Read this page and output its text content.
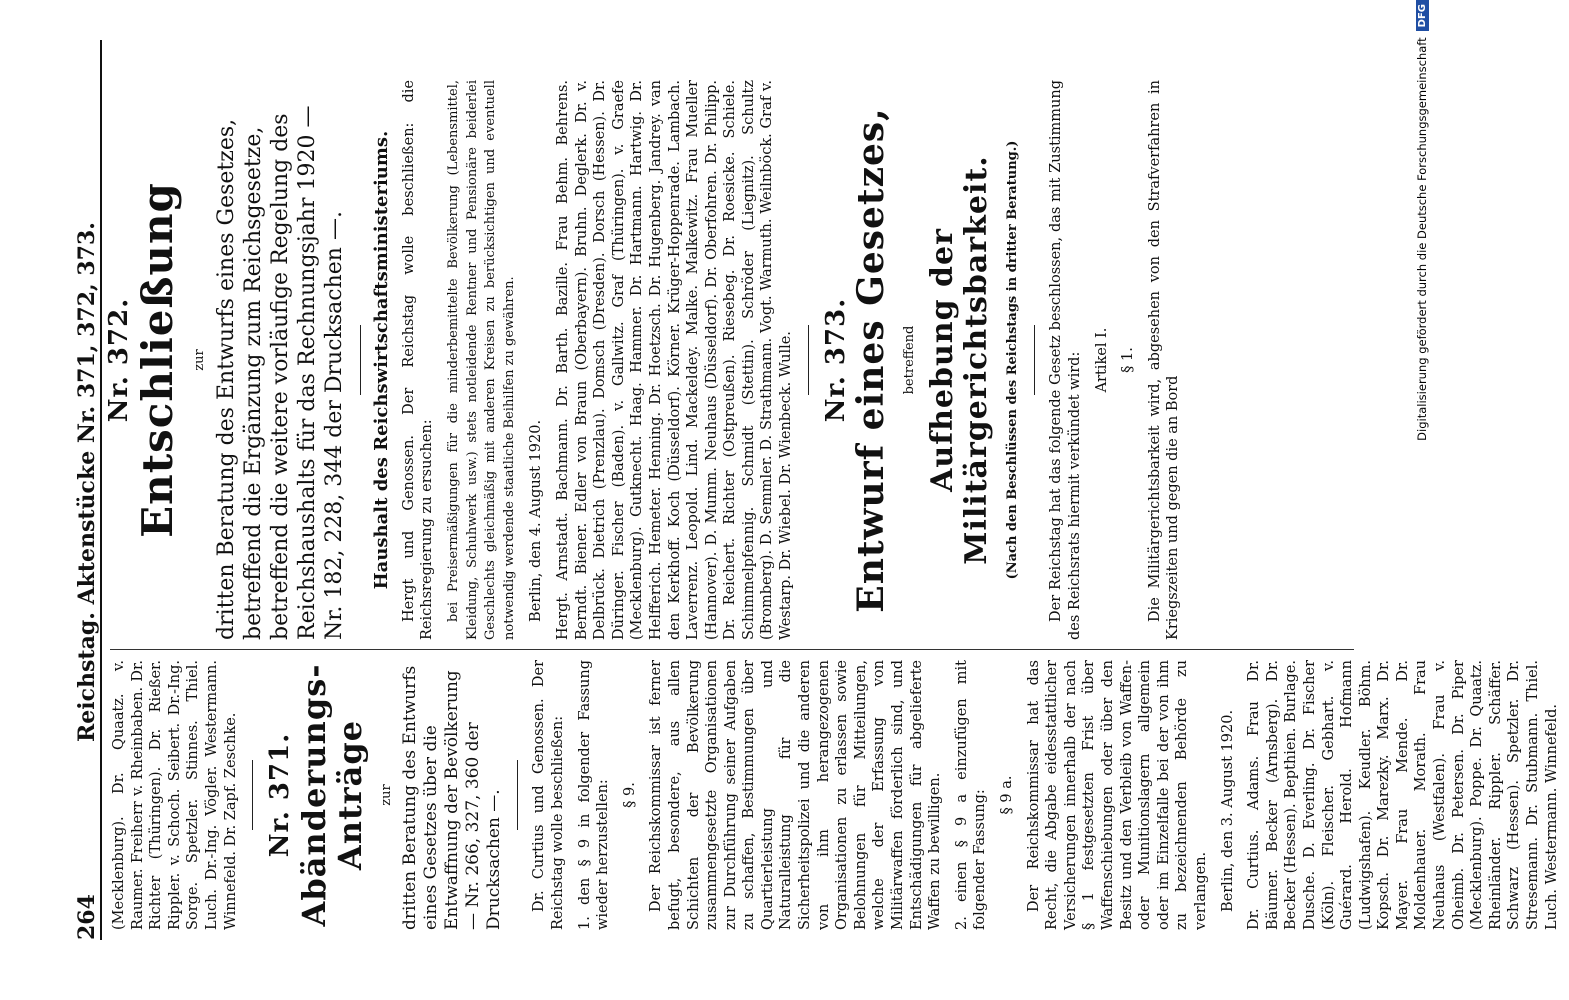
264
Reichstag. Aktenstücke Nr. 371, 372, 373.

(Mecklenburg). Dr. Quaatz. v. Raumer. Freiherr v. Rheinbaben. Dr. Richter (Thüringen). Dr. Rießer. Rippler. v. Schoch. Seibert. Dr.-Ing. Sorge. Spetzler. Stinnes. Thiel. Luch. Dr.-Ing. Vögler. Westermann. Winnefeld. Dr. Zapf. Zeschke. Nr. 371. Abänderungs-Anträge zur dritten Beratung des Entwurfs eines Gesetzes über die Entwaffnung der Bevölkerung — Nr. 266, 327, 360 der Drucksachen —. Dr. Curtius und Genossen. Der Reichstag wolle beschließen: 1. den § 9 in folgender Fassung wieder herzustellen: § 9. Der Reichskommissar ist ferner befugt, besondere, aus allen Schichten der Bevölkerung zusammengesetzte Organisationen zur Durchführung seiner Aufgaben zu schaffen, Bestimmungen über Quartierleistung und Naturalleistung für die Sicherheitspolizei und die anderen von ihm herangezogenen Organisationen zu erlassen sowie Belohnungen für Mitteilungen, welche der Erfassung von Militärwaffen förderlich sind, und Entschädigungen für abgelieferte Waffen zu bewilligen. 2. einen § 9 a einzufügen mit folgender Fassung: § 9 a. Der Reichskommissar hat das Recht, die Abgabe eidesstattlicher Versicherungen innerhalb der nach § 1 festgesetzten Frist über Waffenschiebungen oder über den Besitz und den Verbleib von Waffen- oder Munitionslagern allgemein oder im Einzelfalle bei der von ihm zu bezeichnenden Behörde zu verlangen. Berlin, den 3. August 1920. Dr. Curtius. Adams. Frau Dr. Bäumer. Becker (Arnsberg). Dr. Becker (Hessen). Bepthien. Burlage. Dusche. D. Everling. Dr. Fischer (Köln). Fleischer. Gebhart. v. Guérard. Herold. Hofmann (Ludwigshafen). Keudler. Böhm. Kopsch. Dr. Marezky. Marx. Dr. Mayer. Frau Mende. Dr. Moldenhauer. Morath. Frau Neuhaus (Westfalen). Frau v. Oheimb. Dr. Petersen. Dr. Piper (Mecklenburg). Poppe. Dr. Quaatz. Rheinländer. Rippler. Schäffer. Schwarz (Hessen). Spetzler. Dr. Stresemann. Dr. Stubmann. Thiel. Luch. Westermann. Winnefeld.

Nr. 372.
Entschließung zur dritten Beratung des Entwurfs eines Gesetzes, betreffend die Ergänzung zum Reichsgesetze, betreffend die weitere vorläufige Regelung des Reichshaushalts für das Rechnungsjahr 1920 — Nr. 182, 228, 344 der Drucksachen —. Haushalt des Reichswirtschaftsministeriums. Hergt und Genossen. Der Reichstag wolle beschließen: die Reichsregierung zu ersuchen: bei Preisermäßigungen für die minderbemittelte Bevölkerung (Lebensmittel, Kleidung, Schuhwerk usw.) stets notleidende Rentner und Pensionäre beiderlei Geschlechts gleichmäßig mit anderen Kreisen zu berücksichtigen und eventuell notwendig werdende staatliche Beihilfen zu gewähren. Berlin, den 4. August 1920. Hergt. Arnstadt. Bachmann. Dr. Barth. Bazille. Frau Behm. Behrens. Berndt. Biener. Edler von Braun (Oberbayern). Bruhn. Deglerk. Dr. v. Delbrück. Dietrich (Prenzlau). Domsch (Dresden). Dorsch (Hessen). Dr. Düringer. Fischer (Baden). v. Gallwitz. Graf (Thüringen). v. Graefe (Mecklenburg). Gutknecht. Haag. Hammer. Dr. Hartmann. Hartwig. Dr. Helfferich. Hemeter. Henning. Dr. Hoetzsch. Dr. Hugenberg. Jandrey. van den Kerkhoff. Koch (Düsseldorf). Körner. Krüger-Hoppenrade. Lambach. Laverrenz. Leopold. Lind. Mackeldey. Malke. Malkewitz. Frau Mueller (Hannover). D. Mumm. Neuhaus (Düsseldorf). Dr. Oberfohren. Dr. Philipp. Dr. Reichert. Richter (Ostpreußen). Riesebeg. Dr. Roesicke. Schiele. Schimmelpfennig. Schmidt (Stettin). Schröder (Liegnitz). Schultz (Bromberg). D. Semmler. D. Strathmann. Vogt. Warmuth. Weilnböck. Graf v. Westarp. Dr. Wiebel. Dr. Wienbeck. Wulle. Nr. 373. Entwurf eines Gesetzes, betreffend Aufhebung der Militärgerichtsbarkeit. (Nach den Beschlüssen des Reichstags in dritter Beratung.) Der Reichstag hat das folgende Gesetz beschlossen, das mit Zustimmung des Reichsrats hiermit verkündet wird: Artikel I. § 1. Die Militärgerichtsbarkeit wird, abgesehen von den Strafverfahren in Kriegszeiten und gegen die an Bord

Digitalisierung gefördert durch die Deutsche Forschungsgemeinschaft
DFG
